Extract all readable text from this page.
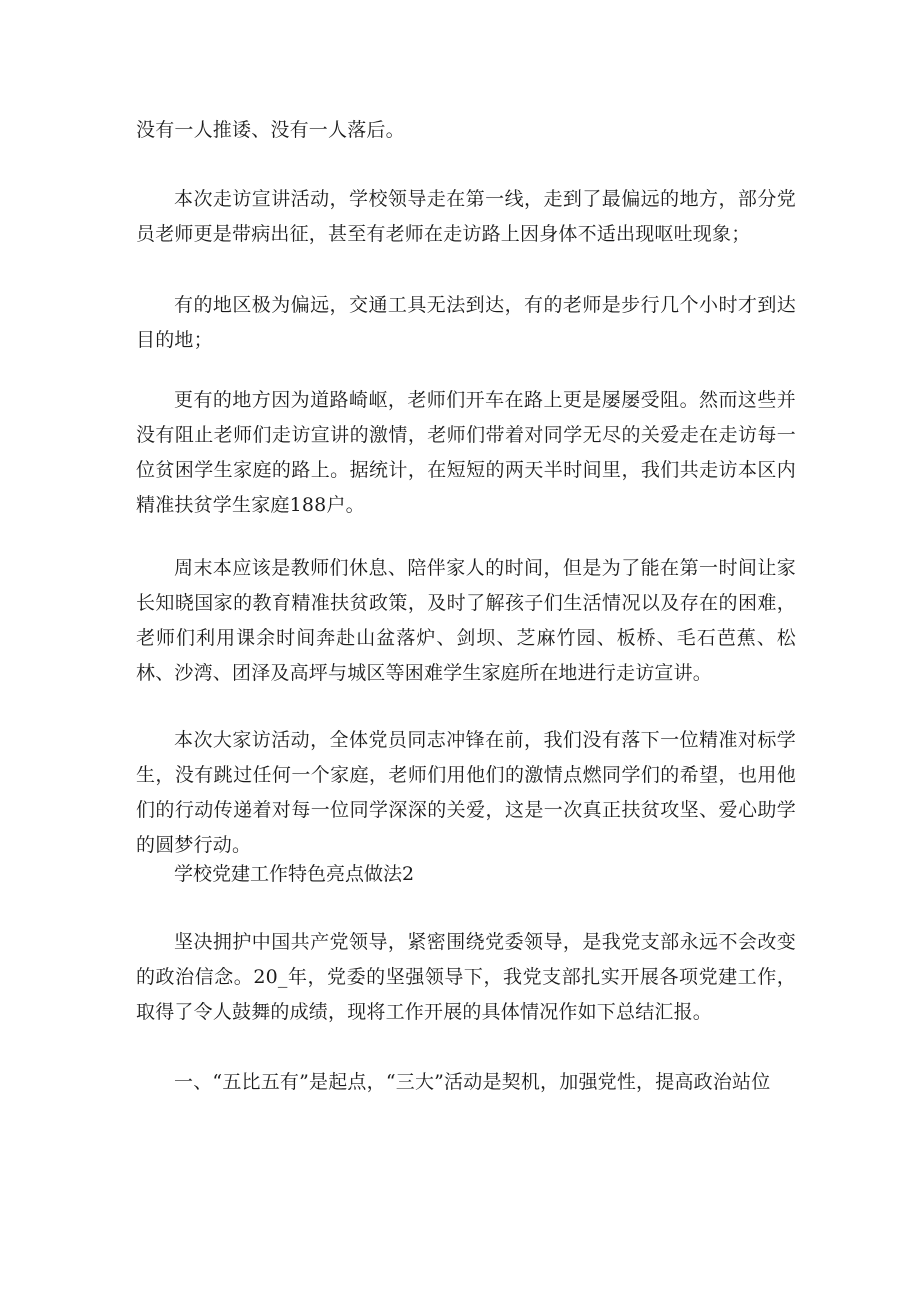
没有一人推诿、没有一人落后。

本次走访宣讲活动，学校领导走在第一线，走到了最偏远的地方，部分党员老师更是带病出征，甚至有老师在走访路上因身体不适出现呕吐现象；

有的地区极为偏远，交通工具无法到达，有的老师是步行几个小时才到达目的地；

更有的地方因为道路崎岖，老师们开车在路上更是屡屡受阻。然而这些并没有阻止老师们走访宣讲的激情，老师们带着对同学无尽的关爱走在走访每一位贫困学生家庭的路上。据统计，在短短的两天半时间里，我们共走访本区内精准扶贫学生家庭188户。

周末本应该是教师们休息、陪伴家人的时间，但是为了能在第一时间让家长知晓国家的教育精准扶贫政策，及时了解孩子们生活情况以及存在的困难，老师们利用课余时间奔赴山盆落炉、剑坝、芝麻竹园、板桥、毛石芭蕉、松林、沙湾、团泽及高坪与城区等困难学生家庭所在地进行走访宣讲。

本次大家访活动，全体党员同志冲锋在前，我们没有落下一位精准对标学生，没有跳过任何一个家庭，老师们用他们的激情点燃同学们的希望，也用他们的行动传递着对每一位同学深深的关爱，这是一次真正扶贫攻坚、爱心助学的圆梦行动。

学校党建工作特色亮点做法2

坚决拥护中国共产党领导，紧密围绕党委领导，是我党支部永远不会改变的政治信念。20_年，党委的坚强领导下，我党支部扎实开展各项党建工作，取得了令人鼓舞的成绩，现将工作开展的具体情况作如下总结汇报。

一、“五比五有”是起点，“三大”活动是契机，加强党性，提高政治站位
